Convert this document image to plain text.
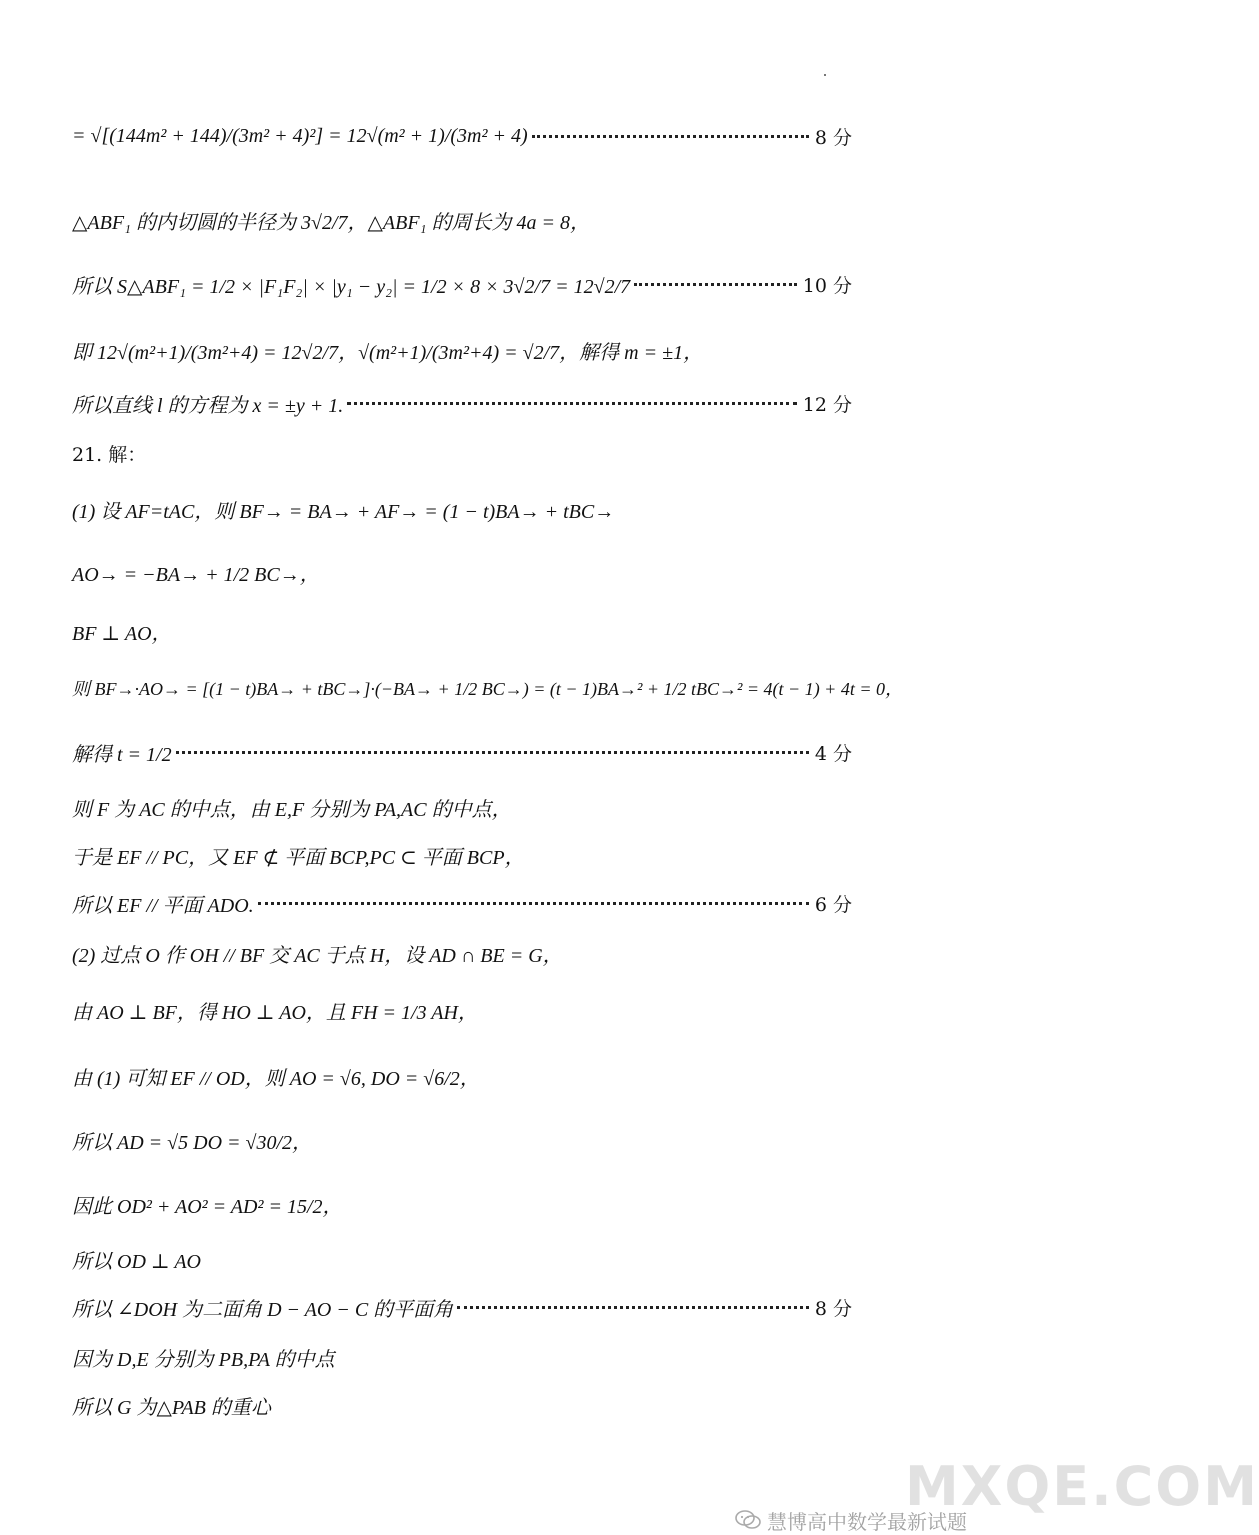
= √[(144m² + 144)/(3m² + 4)²] = 12√(m² + 1)/(3m² + 4)	8 分
△ABF₁ 的内切圆的半径为 3√2/7，△ABF₁ 的周长为 4a = 8，
所以 S△ABF₁ = 1/2 × |F₁F₂| × |y₁ − y₂| = 1/2 × 8 × 3√2/7 = 12√2/7	10 分
即 12√(m²+1)/(3m²+4) = 12√2/7，√(m²+1)/(3m²+4) = √2/7，解得 m = ±1，
所以直线 l 的方程为 x = ±y + 1.	12 分
21. 解：
(1) 设 AF=tAC，则 BF→ = BA→ + AF→ = (1 − t)BA→ + tBC→
AO→ = −BA→ + 1/2 BC→，
BF ⊥ AO，
则 BF→·AO→ = [(1 − t)BA→ + tBC→]·(−BA→ + 1/2 BC→) = (t − 1)BA→² + 1/2 tBC→² = 4(t − 1) + 4t = 0，
解得 t = 1/2	4 分
则 F 为 AC 的中点，由 E,F 分别为 PA,AC 的中点，
于是 EF // PC，又 EF ⊄ 平面 BCP,PC ⊂ 平面 BCP，
所以 EF // 平面 ADO.	6 分
(2) 过点 O 作 OH // BF 交 AC 于点 H，设 AD ∩ BE = G，
由 AO ⊥ BF，得 HO ⊥ AO，且 FH = 1/3 AH，
由 (1) 可知 EF // OD，则 AO = √6, DO = √6/2，
所以 AD = √5 DO = √30/2，
因此 OD² + AO² = AD² = 15/2，
所以 OD ⊥ AO
所以 ∠DOH 为二面角 D − AO − C 的平面角	8 分
因为 D,E 分别为 PB,PA 的中点
所以 G 为△PAB 的重心
MXQE.COM
慧博高中数学最新试题
